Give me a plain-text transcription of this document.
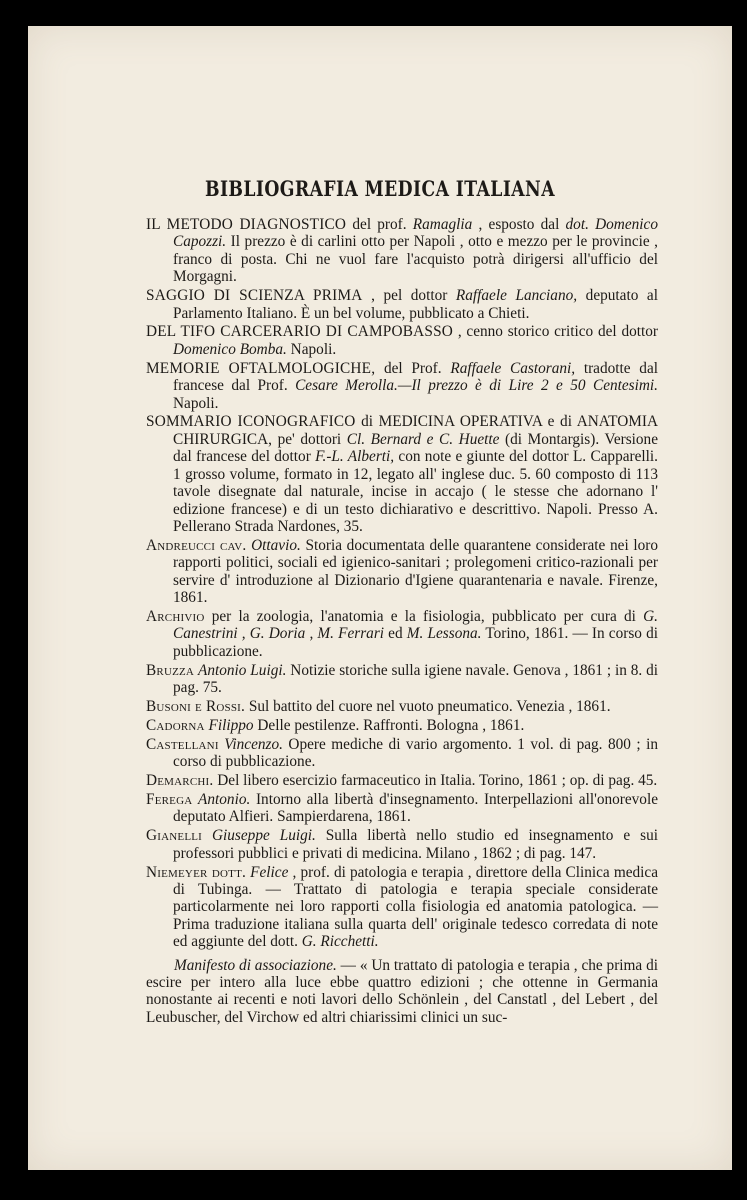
BIBLIOGRAFIA MEDICA ITALIANA

IL METODO DIAGNOSTICO del prof. Ramaglia , esposto dal dot. Domenico Capozzi. Il prezzo è di carlini otto per Napoli , otto e mezzo per le provincie , franco di posta. Chi ne vuol fare l'acquisto potrà dirigersi all'ufficio del Morgagni.

SAGGIO DI SCIENZA PRIMA , pel dottor Raffaele Lanciano, deputato al Parlamento Italiano. È un bel volume, pubblicato a Chieti.

DEL TIFO CARCERARIO DI CAMPOBASSO , cenno storico critico del dottor Domenico Bomba. Napoli.

MEMORIE OFTALMOLOGICHE, del Prof. Raffaele Castorani, tradotte dal francese dal Prof. Cesare Merolla.—Il prezzo è di Lire 2 e 50 Centesimi. Napoli.

SOMMARIO ICONOGRAFICO di MEDICINA OPERATIVA e di ANATOMIA CHIRURGICA, pe' dottori Cl. Bernard e C. Huette (di Montargis). Versione dal francese del dottor F.-L. Alberti, con note e giunte del dottor L. Capparelli. 1 grosso volume, formato in 12, legato all' inglese duc. 5. 60 composto di 113 tavole disegnate dal naturale, incise in accajo ( le stesse che adornano l' edizione francese) e di un testo dichiarativo e descrittivo. Napoli. Presso A. Pellerano Strada Nardones, 35.

Andreucci cav. Ottavio. Storia documentata delle quarantene considerate nei loro rapporti politici, sociali ed igienico-sanitari ; prolegomeni critico-razionali per servire d' introduzione al Dizionario d'Igiene quarantenaria e navale. Firenze, 1861.

Archivio per la zoologia, l'anatomia e la fisiologia, pubblicato per cura di G. Canestrini , G. Doria , M. Ferrari ed M. Lessona. Torino, 1861. — In corso di pubblicazione.

Bruzza Antonio Luigi. Notizie storiche sulla igiene navale. Genova , 1861 ; in 8. di pag. 75.

Busoni e Rossi. Sul battito del cuore nel vuoto pneumatico. Venezia , 1861.

Cadorna Filippo Delle pestilenze. Raffronti. Bologna , 1861.

Castellani Vincenzo. Opere mediche di vario argomento. 1 vol. di pag. 800 ; in corso di pubblicazione.

Demarchi. Del libero esercizio farmaceutico in Italia. Torino, 1861 ; op. di pag. 45.

Ferega Antonio. Intorno alla libertà d'insegnamento. Interpellazioni all'onorevole deputato Alfieri. Sampierdarena, 1861.

Gianelli Giuseppe Luigi. Sulla libertà nello studio ed insegnamento e sui professori pubblici e privati di medicina. Milano , 1862 ; di pag. 147.

Niemeyer dott. Felice , prof. di patologia e terapia , direttore della Clinica medica di Tubinga. — Trattato di patologia e terapia speciale considerate particolarmente nei loro rapporti colla fisiologia ed anatomia patologica. — Prima traduzione italiana sulla quarta dell' originale tedesco corredata di note ed aggiunte del dott. G. Ricchetti.

Manifesto di associazione. — « Un trattato di patologia e terapia , che prima di escire per intero alla luce ebbe quattro edizioni ; che ottenne in Germania nonostante ai recenti e noti lavori dello Schönlein , del Canstatl , del Lebert , del Leubuscher, del Virchow ed altri chiarissimi clinici un suc-
